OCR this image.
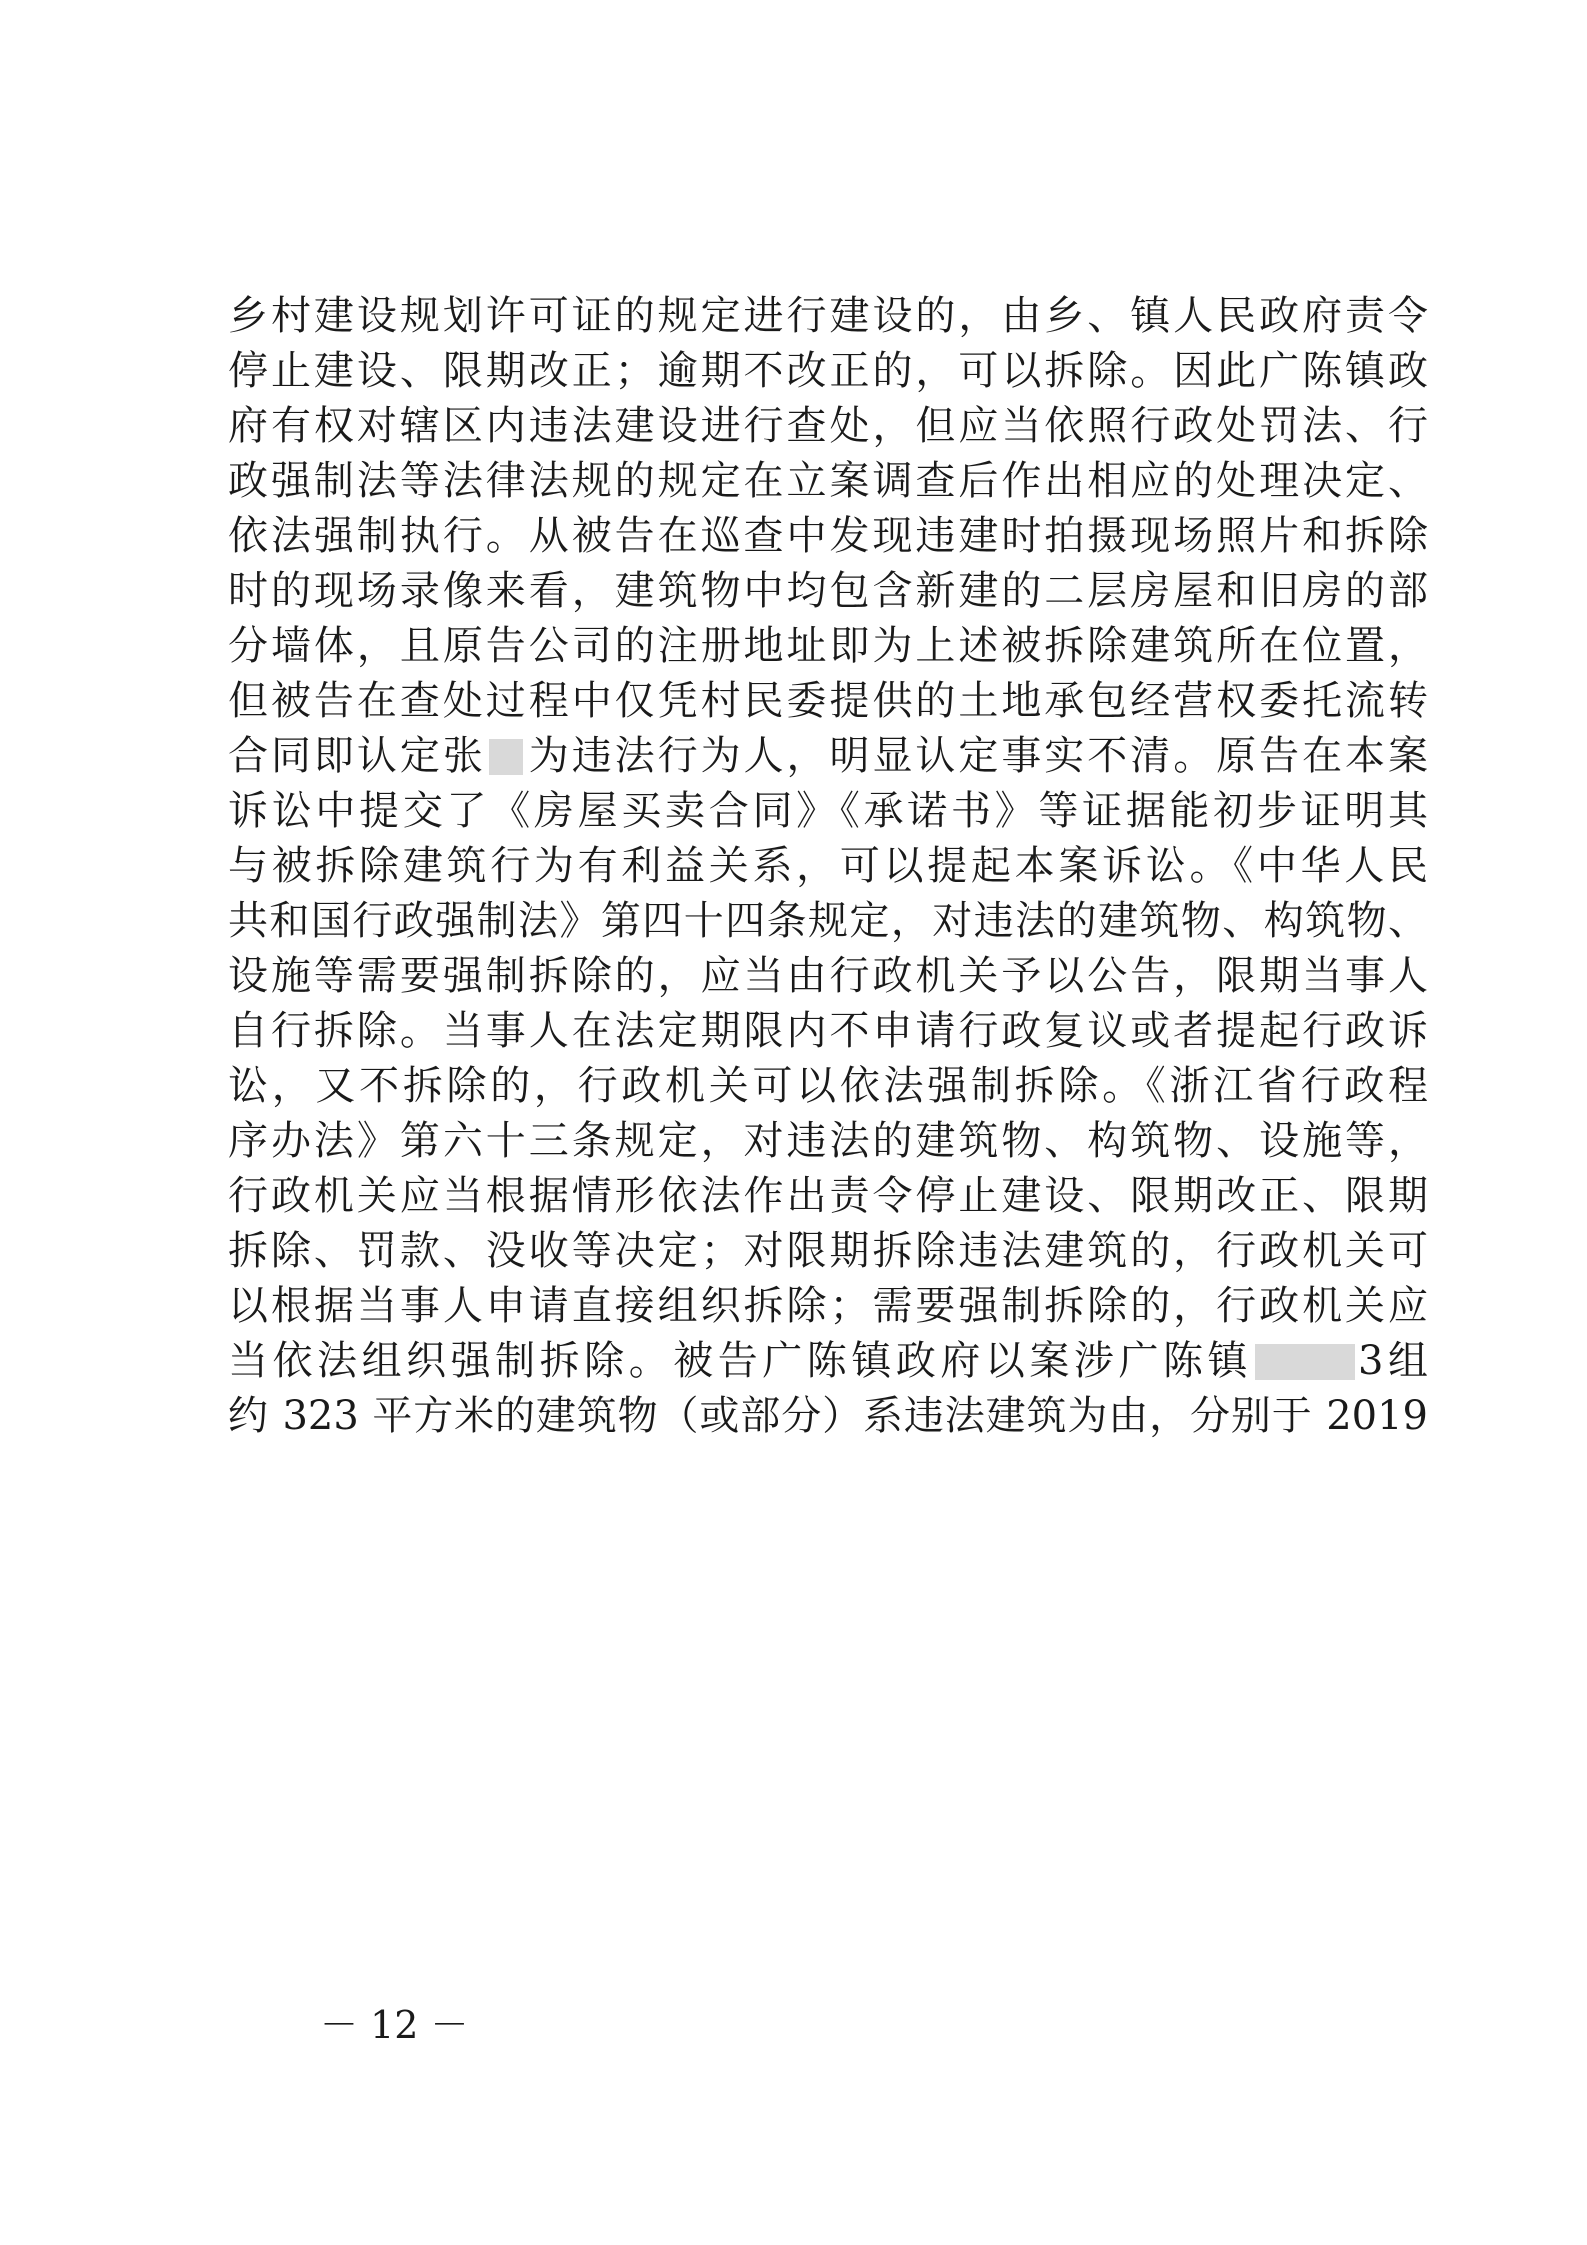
乡村建设规划许可证的规定进行建设的，由乡、镇人民政府责令
停止建设、限期改正；逾期不改正的，可以拆除。因此广陈镇政
府有权对辖区内违法建设进行查处，但应当依照行政处罚法、行
政强制法等法律法规的规定在立案调查后作出相应的处理决定、
依法强制执行。从被告在巡查中发现违建时拍摄现场照片和拆除
时的现场录像来看，建筑物中均包含新建的二层房屋和旧房的部
分墙体，且原告公司的注册地址即为上述被拆除建筑所在位置，
但被告在查处过程中仅凭村民委提供的土地承包经营权委托流转
合同即认定张 为违法行为人，明显认定事实不清。原告在本案
诉讼中提交了《房屋买卖合同》《承诺书》等证据能初步证明其
与被拆除建筑行为有利益关系，可以提起本案诉讼。《中华人民
共和国行政强制法》第四十四条规定，对违法的建筑物、构筑物、
设施等需要强制拆除的，应当由行政机关予以公告，限期当事人
自行拆除。当事人在法定期限内不申请行政复议或者提起行政诉
讼，又不拆除的，行政机关可以依法强制拆除。《浙江省行政程
序办法》第六十三条规定，对违法的建筑物、构筑物、设施等，
行政机关应当根据情形依法作出责令停止建设、限期改正、限期
拆除、罚款、没收等决定；对限期拆除违法建筑的，行政机关可
以根据当事人申请直接组织拆除；需要强制拆除的，行政机关应
当依法组织强制拆除。被告广陈镇政府以案涉广陈镇	3组
约 323 平方米的建筑物（或部分）系违法建筑为由，分别于 2019
－ 12 －
